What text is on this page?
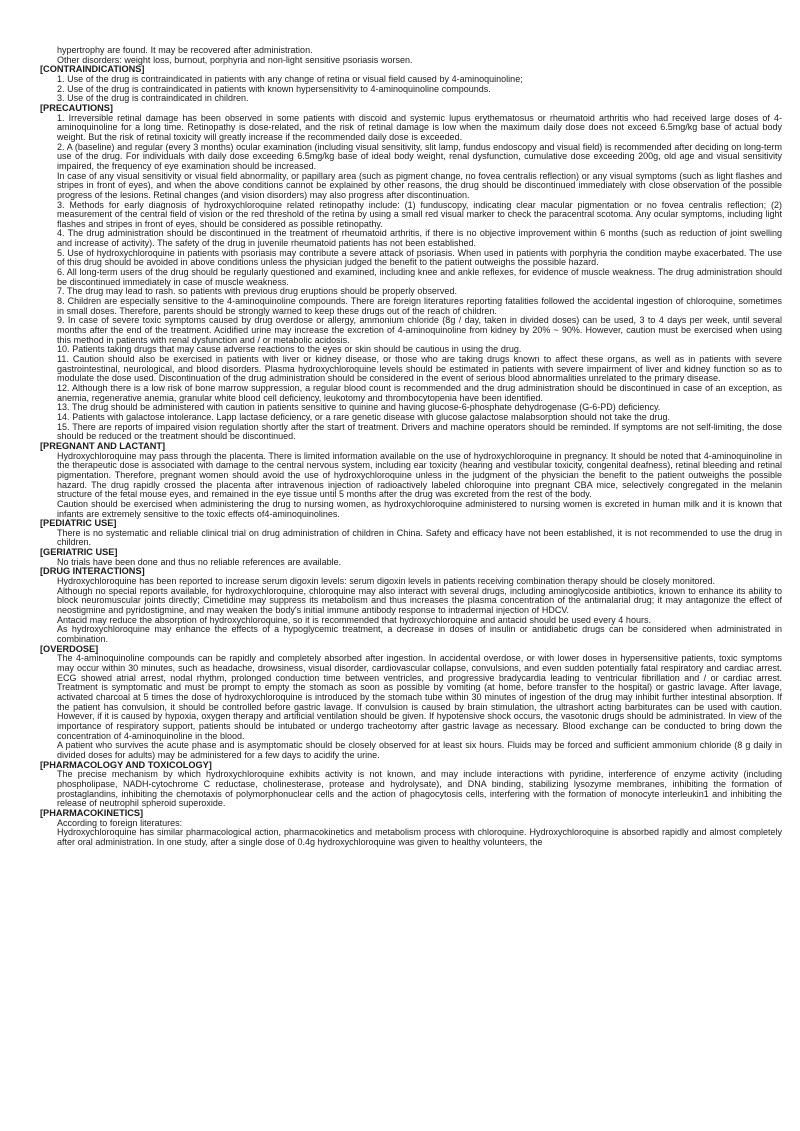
hypertrophy are found. It may be recovered after administration.

Other disorders: weight loss, burnout, porphyria and non-light sensitive psoriasis worsen.

[CONTRAINDICATIONS]

1. Use of the drug is contraindicated in patients with any change of retina or visual field caused by 4-aminoquinoline;

2. Use of the drug is contraindicated in patients with known hypersensitivity to 4-aminoquinoline compounds.

3. Use of the drug is contraindicated in children.

[PRECAUTIONS]

1. Irreversible retinal damage has been observed in some patients with discoid and systemic lupus erythematosus or rheumatoid arthritis who had received large doses of 4-aminoquinoline for a long time. Retinopathy is dose-related, and the risk of retinal damage is low when the maximum daily dose does not exceed 6.5mg/kg base of actual body weight. But the risk of retinal toxicity will greatly increase if the recommended daily dose is exceeded.

2. A (baseline) and regular (every 3 months) ocular examination (including visual sensitivity, slit lamp, fundus endoscopy and visual field) is recommended after deciding on long-term use of the drug. For individuals with daily dose exceeding 6.5mg/kg base of ideal body weight, renal dysfunction, cumulative dose exceeding 200g, old age and visual sensitivity impaired, the frequency of eye examination should be increased.

In case of any visual sensitivity or visual field abnormality, or papillary area (such as pigment change, no fovea centralis reflection) or any visual symptoms (such as light flashes and stripes in front of eyes), and when the above conditions cannot be explained by other reasons, the drug should be discontinued immediately with close observation of the possible progress of the lesions. Retinal changes (and vision disorders) may also progress after discontinuation.

3. Methods for early diagnosis of hydroxychloroquine related retinopathy include: (1) funduscopy, indicating clear macular pigmentation or no fovea centralis reflection; (2) measurement of the central field of vision or the red threshold of the retina by using a small red visual marker to check the paracentral scotoma. Any ocular symptoms, including light flashes and stripes in front of eyes, should be considered as possible retinopathy.

4. The drug administration should be discontinued in the treatment of rheumatoid arthritis, if there is no objective improvement within 6 months (such as reduction of joint swelling and increase of activity). The safety of the drug in juvenile rheumatoid patients has not been established.

5. Use of hydroxychloroquine in patients with psoriasis may contribute a severe attack of psoriasis. When used in patients with porphyria the condition maybe exacerbated. The use of this drug should be avoided in above conditions unless the physician judged the benefit to the patient outweighs the possible hazard.

6. All long-term users of the drug should be regularly questioned and examined, including knee and ankle reflexes, for evidence of muscle weakness. The drug administration should be discontinued immediately in case of muscle weakness.

7. The drug may lead to rash. so patients with previous drug eruptions should be properly observed.

8. Children are especially sensitive to the 4-aminoquinoline compounds. There are foreign literatures reporting fatalities followed the accidental ingestion of chloroquine, sometimes in small doses. Therefore, parents should be strongly warned to keep these drugs out of the reach of children.

9. In case of severe toxic symptoms caused by drug overdose or allergy, ammonium chloride (8g / day, taken in divided doses) can be used, 3 to 4 days per week, until several months after the end of the treatment. Acidified urine may increase the excretion of 4-aminoquinoline from kidney by 20% ~ 90%. However, caution must be exercised when using this method in patients with renal dysfunction and / or metabolic acidosis.

10. Patients taking drugs that may cause adverse reactions to the eyes or skin should be cautious in using the drug.

11. Caution should also be exercised in patients with liver or kidney disease, or those who are taking drugs known to affect these organs, as well as in patients with severe gastrointestinal, neurological, and blood disorders. Plasma hydroxychloroquine levels should be estimated in patients with severe impairment of liver and kidney function so as to modulate the dose used. Discontinuation of the drug administration should be considered in the event of serious blood abnormalities unrelated to the primary disease.

12. Although there is a low risk of bone marrow suppression, a regular blood count is recommended and the drug administration should be discontinued in case of an exception, as anemia, regenerative anemia, granular white blood cell deficiency, leukotomy and thrombocytopenia have been identified.

13. The drug should be administered with caution in patients sensitive to quinine and having glucose-6-phosphate dehydrogenase (G-6-PD) deficiency.

14. Patients with galactose intolerance. Lapp lactase deficiency, or a rare genetic disease with glucose galactose malabsorption should not take the drug.

15. There are reports of impaired vision regulation shortly after the start of treatment. Drivers and machine operators should be reminded. If symptoms are not self-limiting, the dose should be reduced or the treatment should be discontinued.

[PREGNANT AND LACTANT]

Hydroxychloroquine may pass through the placenta. There is limited information available on the use of hydroxychloroquine in pregnancy. It should be noted that 4-aminoquinoline in the therapeutic dose is associated with damage to the central nervous system, including ear toxicity (hearing and vestibular toxicity, congenital deafness), retinal bleeding and retinal pigmentation. Therefore, pregnant women should avoid the use of hydroxychloroquine unless in the judgment of the physician the benefit to the patient outweighs the possible hazard. The drug rapidly crossed the placenta after intravenous injection of radioactively labeled chloroquine into pregnant CBA mice, selectively congregated in the melanin structure of the fetal mouse eyes, and remained in the eye tissue until 5 months after the drug was excreted from the rest of the body.

Caution should be exercised when administering the drug to nursing women, as hydroxychloroquine administered to nursing women is excreted in human milk and it is known that infants are extremely sensitive to the toxic effects of4-aminoquinolines.

[PEDIATRIC USE]

There is no systematic and reliable clinical trial on drug administration of children in China. Safety and efficacy have not been established, it is not recommended to use the drug in children.

[GERIATRIC USE]

No trials have been done and thus no reliable references are available.

[DRUG INTERACTIONS]

Hydroxychloroquine has been reported to increase serum digoxin levels: serum digoxin levels in patients receiving combination therapy should be closely monitored.

Although no special reports available, for hydroxychloroquine, chloroquine may also interact with several drugs, including aminoglycoside antibiotics, known to enhance its ability to block neuromuscular joints directly; Cimetidine may suppress its metabolism and thus increases the plasma concentration of the antimalarial drug; it may antagonize the effect of neostigmine and pyridostigmine, and may weaken the body's initial immune antibody response to intradermal injection of HDCV.

Antacid may reduce the absorption of hydroxychloroquine, so it is recommended that hydroxychloroquine and antacid should be used every 4 hours.

As hydroxychloroquine may enhance the effects of a hypoglycemic treatment, a decrease in doses of insulin or antidiabetic drugs can be considered when administrated in combination.

[OVERDOSE]

The 4-aminoquinoline compounds can be rapidly and completely absorbed after ingestion. In accidental overdose, or with lower doses in hypersensitive patients, toxic symptoms may occur within 30 minutes, such as headache, drowsiness, visual disorder, cardiovascular collapse, convulsions, and even sudden potentially fatal respiratory and cardiac arrest. ECG showed atrial arrest, nodal rhythm, prolonged conduction time between ventricles, and progressive bradycardia leading to ventricular fibrillation and / or cardiac arrest. Treatment is symptomatic and must be prompt to empty the stomach as soon as possible by vomiting (at home, before transfer to the hospital) or gastric lavage. After lavage, activated charcoal at 5 times the dose of hydroxychloroquine is introduced by the stomach tube within 30 minutes of ingestion of the drug may inhibit further intestinal absorption. If the patient has convulsion, it should be controlled before gastric lavage. If convulsion is caused by brain stimulation, the ultrashort acting barbiturates can be used with caution. However, if it is caused by hypoxia, oxygen therapy and artificial ventilation should be given. If hypotensive shock occurs, the vasotonic drugs should be administrated. In view of the importance of respiratory support, patients should be intubated or undergo tracheotomy after gastric lavage as necessary. Blood exchange can be conducted to bring down the concentration of 4-aminoquinoline in the blood.

A patient who survives the acute phase and is asymptomatic should be closely observed for at least six hours. Fluids may be forced and sufficient ammonium chloride (8 g daily in divided doses for adults) may be administered for a few days to acidify the urine.

[PHARMACOLOGY AND TOXICOLOGY]

The precise mechanism by which hydroxychloroquine exhibits activity is not known, and may include interactions with pyridine, interference of enzyme activity (including phospholipase, NADH-cytochrome C reductase, cholinesterase, protease and hydrolysate), and DNA binding, stabilizing lysozyme membranes, inhibiting the formation of prostaglandins, inhibiting the chemotaxis of polymorphonuclear cells and the action of phagocytosis cells, interfering with the formation of monocyte interleukin1 and inhibiting the release of neutrophil spheroid superoxide.

[PHARMACOKINETICS]

According to foreign literatures:

Hydroxychloroquine has similar pharmacological action, pharmacokinetics and metabolism process with chloroquine. Hydroxychloroquine is absorbed rapidly and almost completely after oral administration. In one study, after a single dose of 0.4g hydroxychloroquine was given to healthy volunteers, the
